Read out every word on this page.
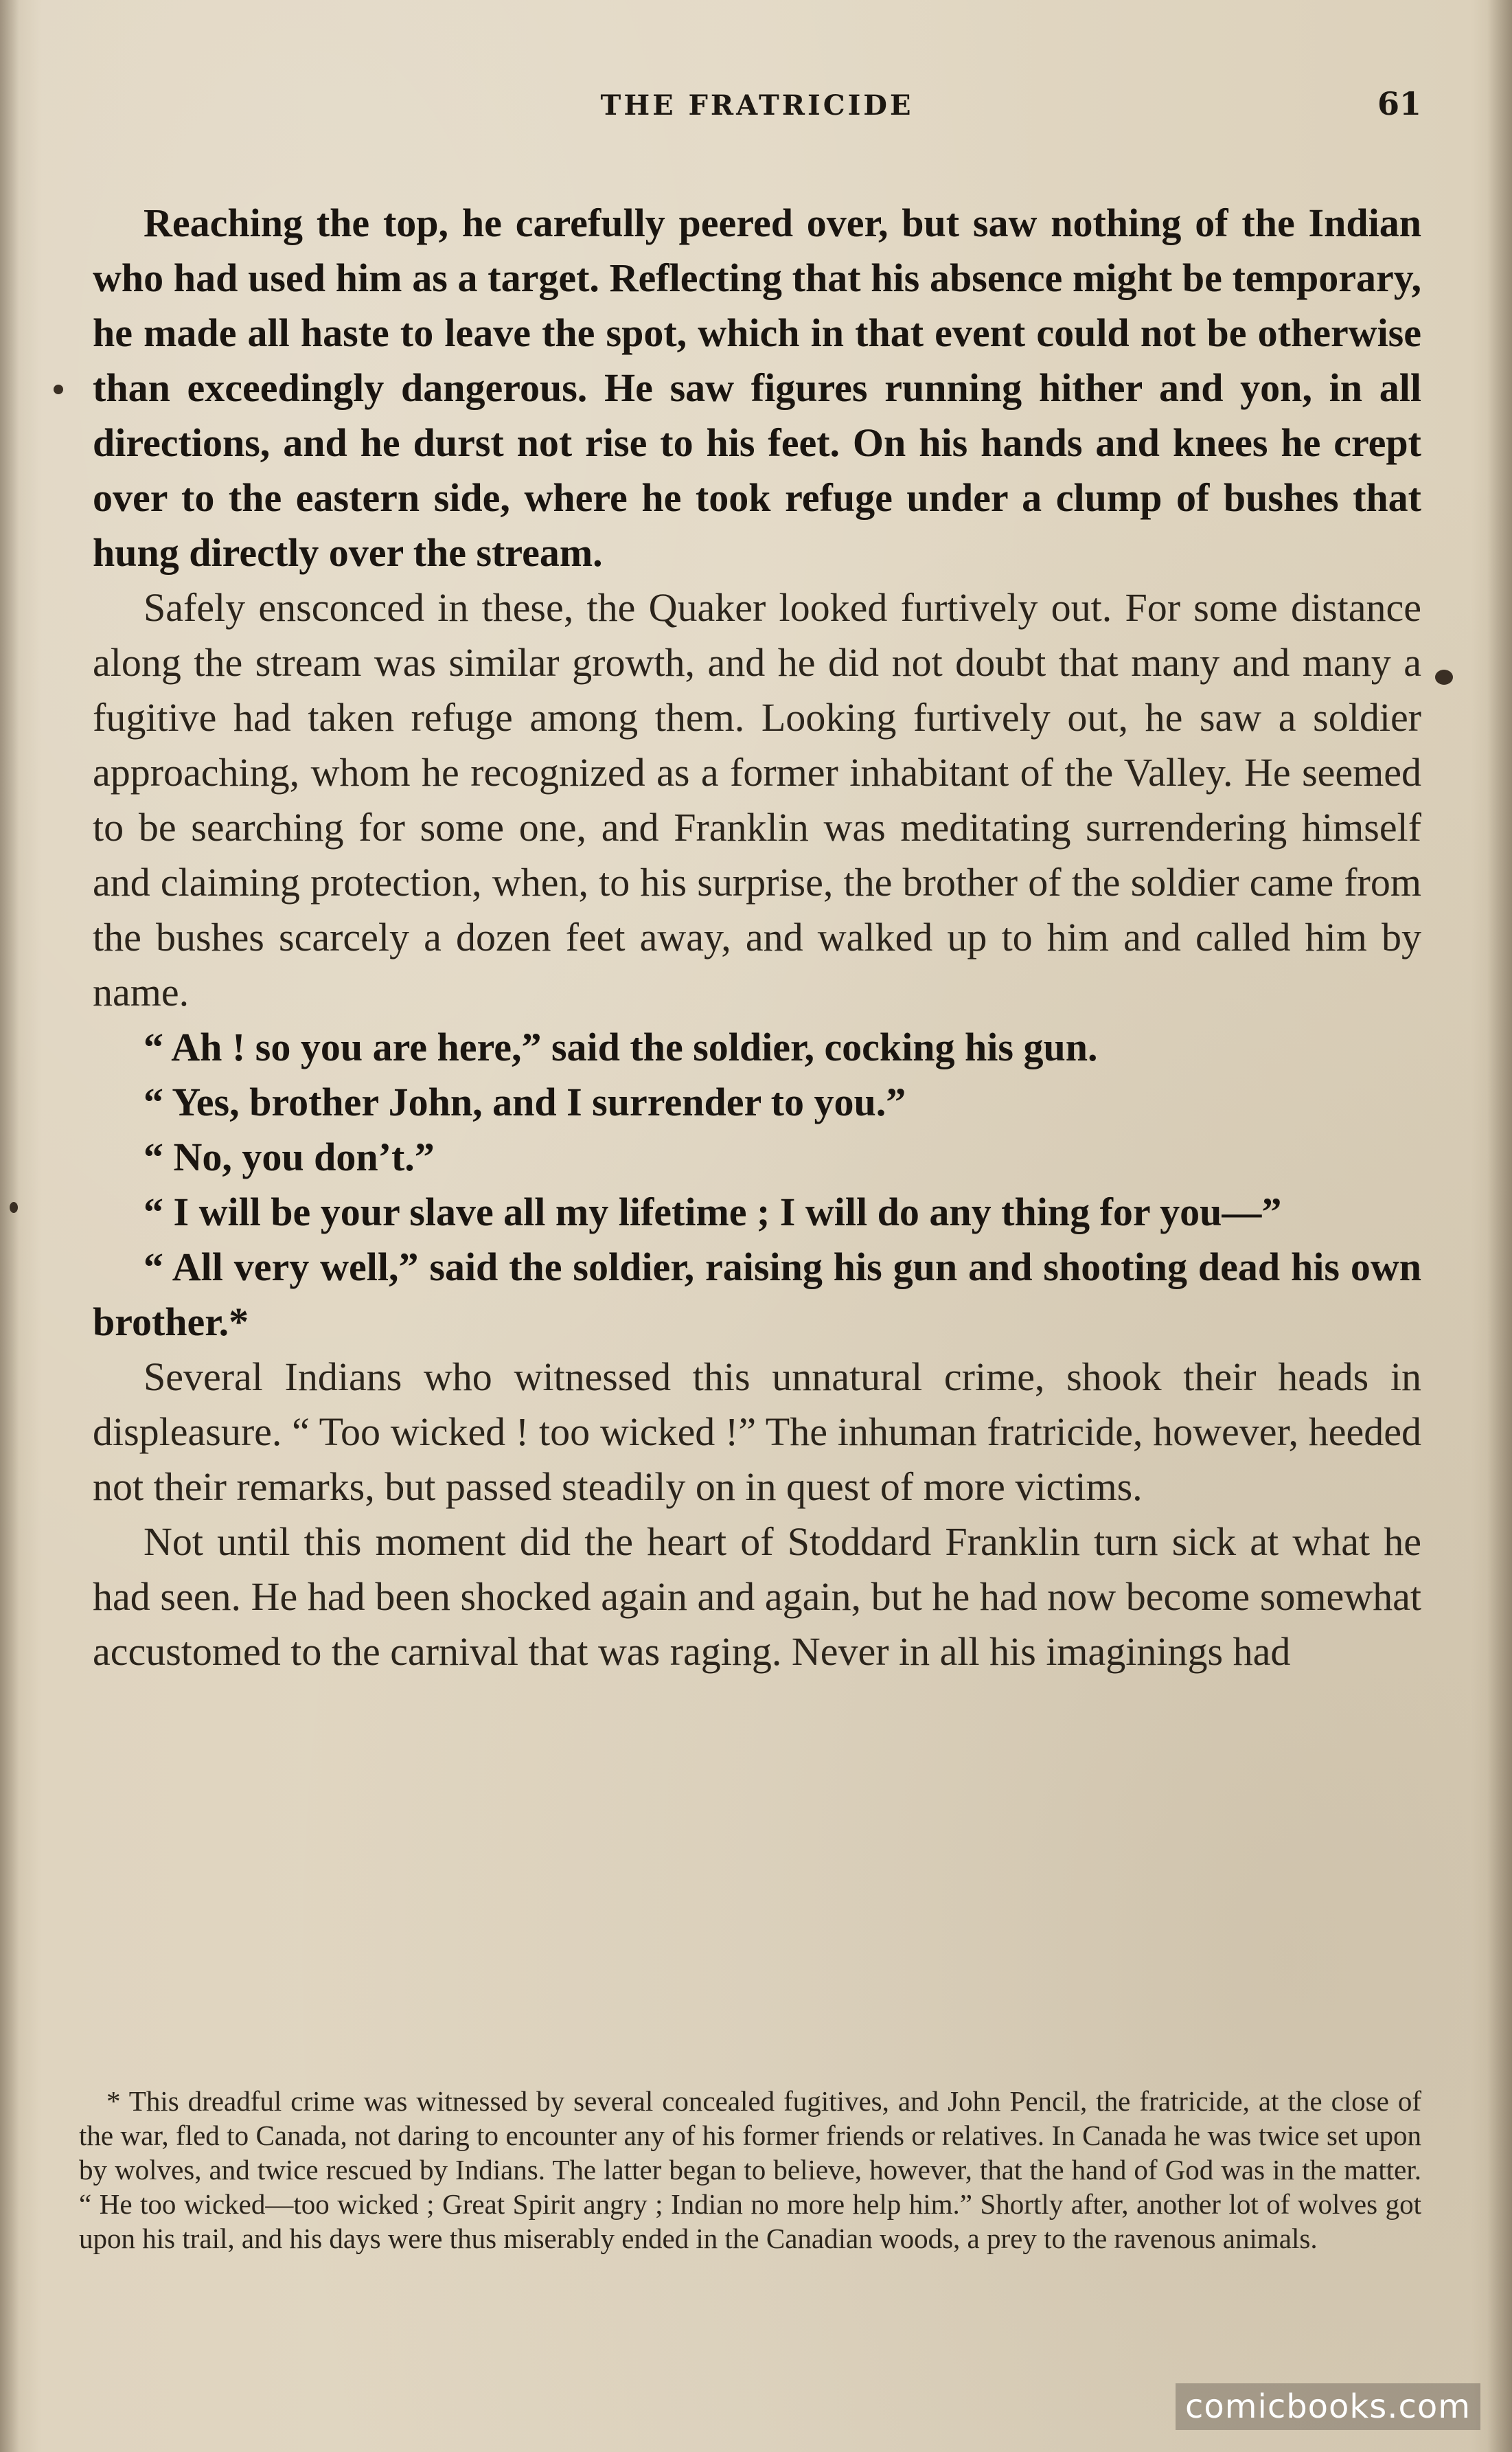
THE FRATRICIDE	61

Reaching the top, he carefully peered over, but saw nothing of the Indian who had used him as a target. Reflecting that his absence might be temporary, he made all haste to leave the spot, which in that event could not be otherwise than exceedingly dangerous. He saw figures running hither and yon, in all directions, and he durst not rise to his feet. On his hands and knees he crept over to the eastern side, where he took refuge under a clump of bushes that hung directly over the stream.

Safely ensconced in these, the Quaker looked furtively out. For some distance along the stream was similar growth, and he did not doubt that many and many a fugitive had taken refuge among them. Looking furtively out, he saw a soldier approaching, whom he recognized as a former inhabitant of the Valley. He seemed to be searching for some one, and Franklin was meditating surrendering himself and claiming protection, when, to his surprise, the brother of the soldier came from the bushes scarcely a dozen feet away, and walked up to him and called him by name.

“ Ah ! so you are here,” said the soldier, cocking his gun.

“ Yes, brother John, and I surrender to you.”

“ No, you don’t.”

“ I will be your slave all my lifetime ; I will do any thing for you—”

“ All very well,” said the soldier, raising his gun and shooting dead his own brother.*

Several Indians who witnessed this unnatural crime, shook their heads in displeasure. “ Too wicked ! too wicked !” The inhuman fratricide, however, heeded not their remarks, but passed steadily on in quest of more victims.

Not until this moment did the heart of Stoddard Franklin turn sick at what he had seen. He had been shocked again and again, but he had now become somewhat accustomed to the carnival that was raging. Never in all his imaginings had

* This dreadful crime was witnessed by several concealed fugitives, and John Pencil, the fratricide, at the close of the war, fled to Canada, not daring to encounter any of his former friends or relatives. In Canada he was twice set upon by wolves, and twice rescued by Indians. The latter began to believe, however, that the hand of God was in the matter. “ He too wicked—too wicked ; Great Spirit angry ; Indian no more help him.” Shortly after, another lot of wolves got upon his trail, and his days were thus miserably ended in the Canadian woods, a prey to the ravenous animals.

comicbooks.com
